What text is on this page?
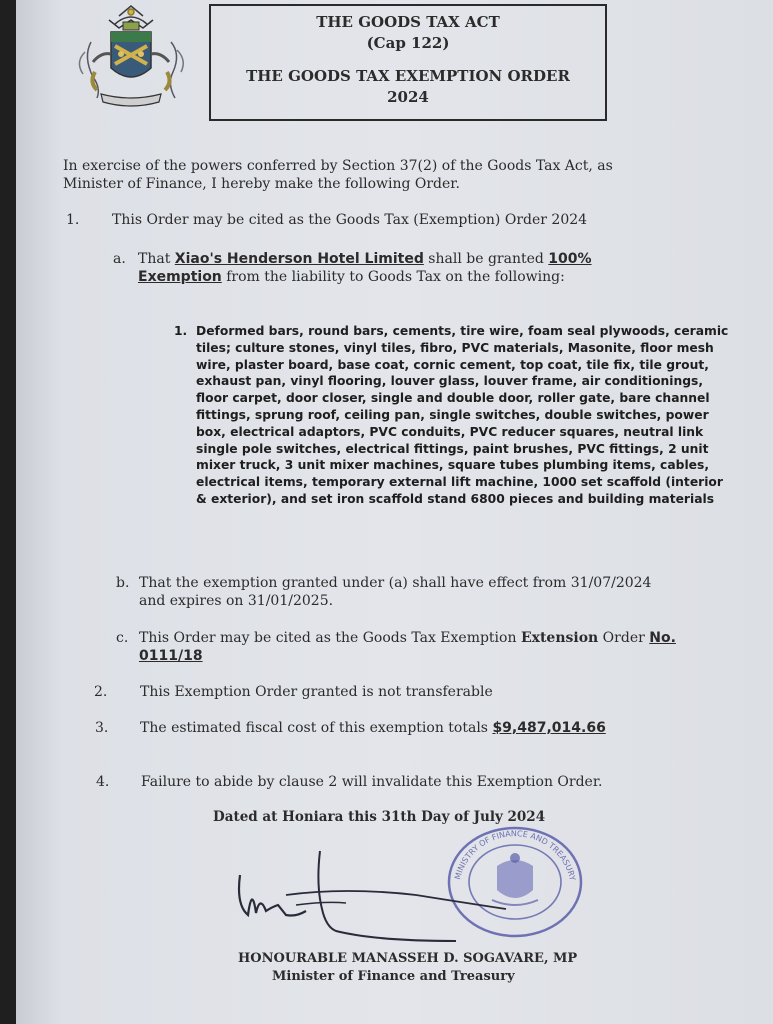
THE GOODS TAX ACT
(Cap 122)
THE GOODS TAX EXEMPTION ORDER
2024
In exercise of the powers conferred by Section 37(2) of the Goods Tax Act, as
Minister of Finance, I hereby make the following Order.
1. This Order may be cited as the Goods Tax (Exemption) Order 2024
a. That Xiao's Henderson Hotel Limited shall be granted 100%
Exemption from the liability to Goods Tax on the following:
1. Deformed bars, round bars, cements, tire wire, foam seal plywoods, ceramic tiles; culture stones, vinyl tiles, fibro, PVC materials, Masonite, floor mesh wire, plaster board, base coat, cornic cement, top coat, tile fix, tile grout, exhaust pan, vinyl flooring, louver glass, louver frame, air conditionings, floor carpet, door closer, single and double door, roller gate, bare channel fittings, sprung roof, ceiling pan, single switches, double switches, power box, electrical adaptors, PVC conduits, PVC reducer squares, neutral link single pole switches, electrical fittings, paint brushes, PVC fittings, 2 unit mixer truck, 3 unit mixer machines, square tubes plumbing items, cables, electrical items, temporary external lift machine, 1000 set scaffold (interior & exterior), and set iron scaffold stand 6800 pieces and building materials
b. That the exemption granted under (a) shall have effect from 31/07/2024
and expires on 31/01/2025.
c. This Order may be cited as the Goods Tax Exemption Extension Order No.
0111/18
2. This Exemption Order granted is not transferable
3. The estimated fiscal cost of this exemption totals $9,487,014.66
4. Failure to abide by clause 2 will invalidate this Exemption Order.
Dated at Honiara this 31th Day of July 2024
MINISTRY OF FINANCE AND TREASURY
HONOURABLE MANASSEH D. SOGAVARE, MP
Minister of Finance and Treasury
